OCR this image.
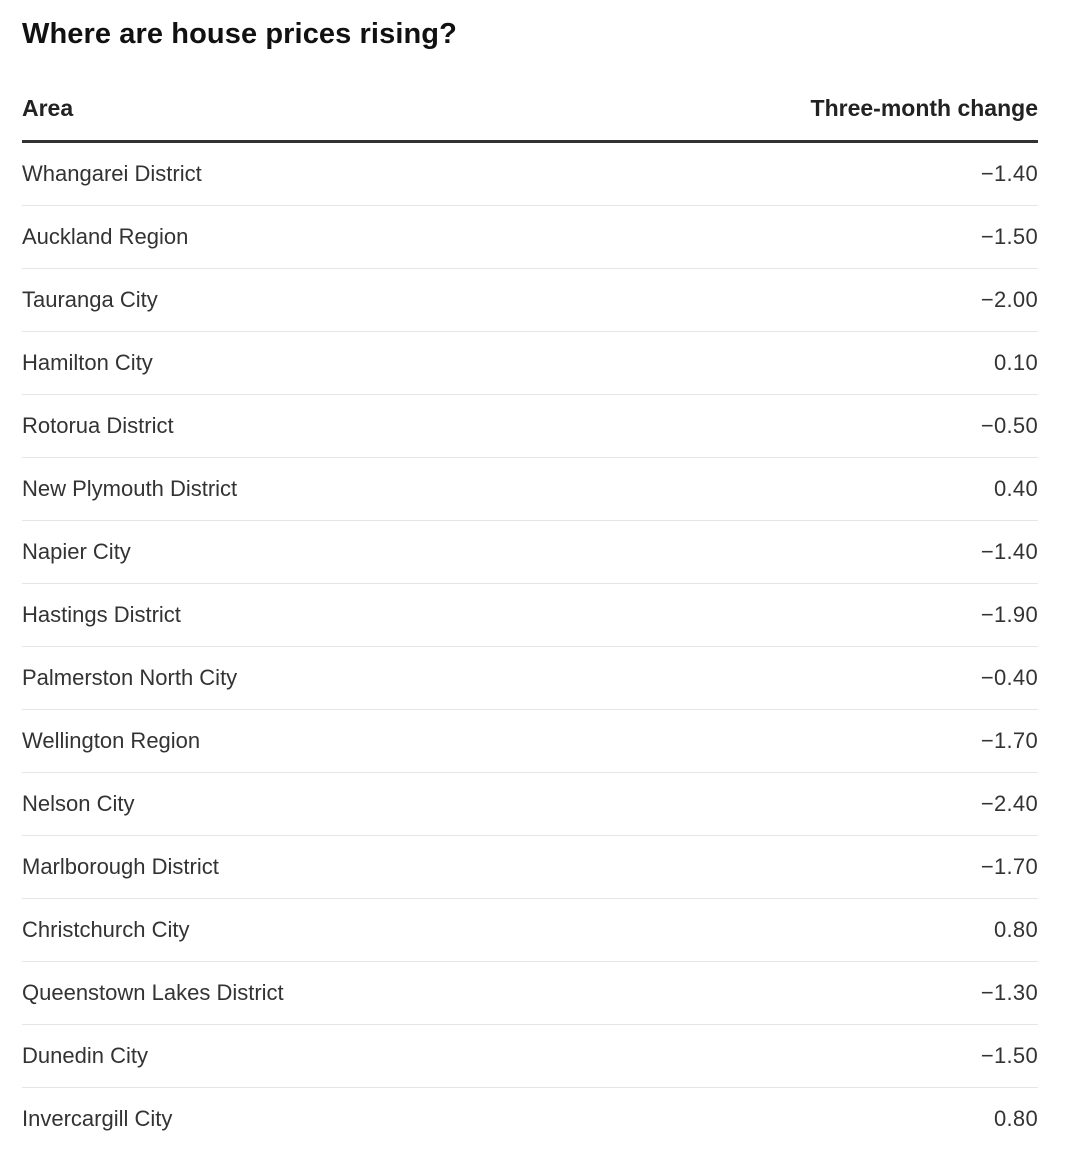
Where are house prices rising?
Area	Three-month change
Whangarei District	−1.40
Auckland Region	−1.50
Tauranga City	−2.00
Hamilton City	0.10
Rotorua District	−0.50
New Plymouth District	0.40
Napier City	−1.40
Hastings District	−1.90
Palmerston North City	−0.40
Wellington Region	−1.70
Nelson City	−2.40
Marlborough District	−1.70
Christchurch City	0.80
Queenstown Lakes District	−1.30
Dunedin City	−1.50
Invercargill City	0.80
